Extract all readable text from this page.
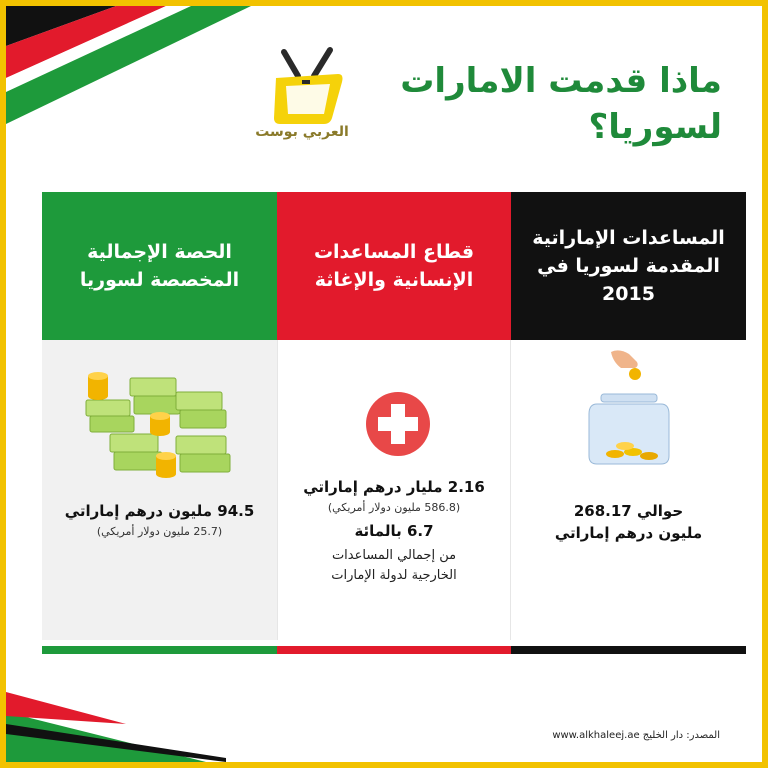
العربي بوست
ماذا قدمت الامارات
لسوريا؟
الحصة الإجمالية المخصصة لسوريا
94.5 مليون درهم إماراتي
(25.7 مليون دولار أمريكي)
قطاع المساعدات الإنسانية والإغاثة
2.16 مليار درهم إماراتي
(586.8 مليون دولار أمريكي)
6.7 بالمائة
من إجمالي المساعدات
الخارجية لدولة الإمارات
المساعدات الإماراتية المقدمة لسوريا في 2015
حوالي 268.17
مليون درهم إماراتي
المصدر: دار الخليج www.alkhaleej.ae
